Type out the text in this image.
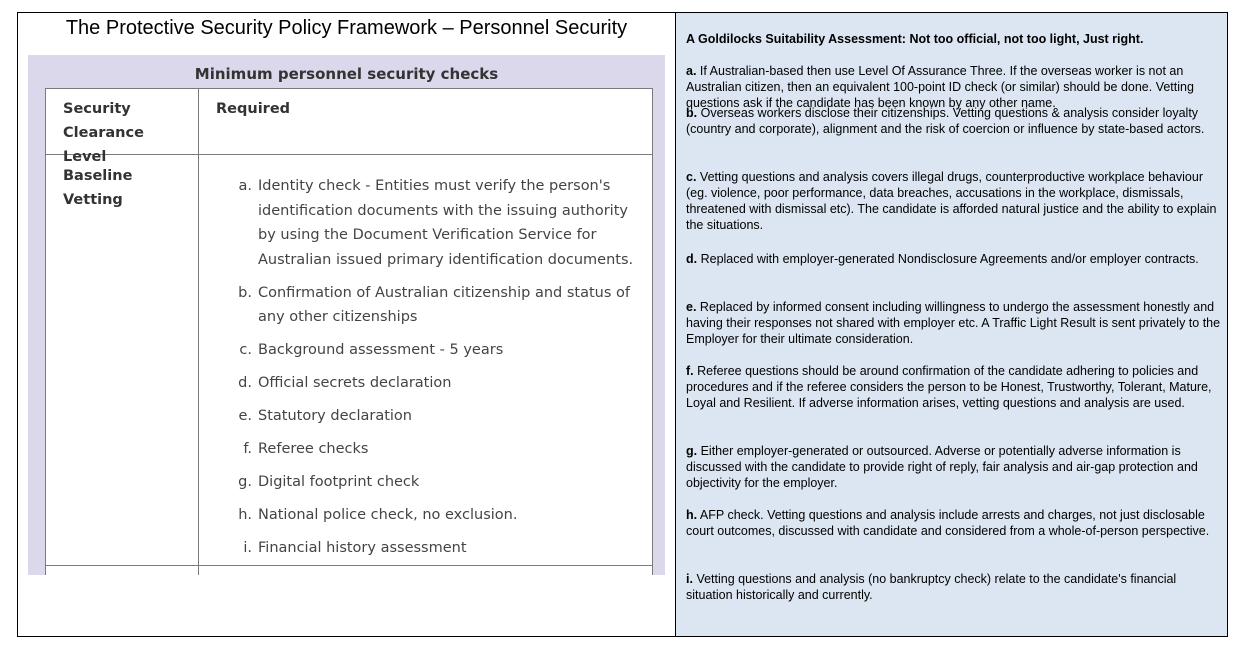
The Protective Security Policy Framework – Personnel Security
Minimum personnel security checks
Security Clearance Level
Required
Baseline Vetting
a. Identity check - Entities must verify the person's identification documents with the issuing authority by using the Document Verification Service for Australian issued primary identification documents.
b. Confirmation of Australian citizenship and status of any other citizenships
c. Background assessment - 5 years
d. Official secrets declaration
e. Statutory declaration
f. Referee checks
g. Digital footprint check
h. National police check, no exclusion.
i. Financial history assessment
A Goldilocks Suitability Assessment: Not too official, not too light, Just right.

a. If Australian-based then use Level Of Assurance Three. If the overseas worker is not an Australian citizen, then an equivalent 100-point ID check (or similar) should be done. Vetting questions ask if the candidate has been known by any other name.

b. Overseas workers disclose their citizenships. Vetting questions & analysis consider loyalty (country and corporate), alignment and the risk of coercion or influence by state-based actors.

c. Vetting questions and analysis covers illegal drugs, counterproductive workplace behaviour (eg. violence, poor performance, data breaches, accusations in the workplace, dismissals, threatened with dismissal etc). The candidate is afforded natural justice and the ability to explain the situations.

d. Replaced with employer-generated Nondisclosure Agreements and/or employer contracts.

e. Replaced by informed consent including willingness to undergo the assessment honestly and having their responses not shared with employer etc. A Traffic Light Result is sent privately to the Employer for their ultimate consideration.

f. Referee questions should be around confirmation of the candidate adhering to policies and procedures and if the referee considers the person to be Honest, Trustworthy, Tolerant, Mature, Loyal and Resilient. If adverse information arises, vetting questions and analysis are used.

g. Either employer-generated or outsourced. Adverse or potentially adverse information is discussed with the candidate to provide right of reply, fair analysis and air-gap protection and objectivity for the employer.

h. AFP check. Vetting questions and analysis include arrests and charges, not just disclosable court outcomes, discussed with candidate and considered from a whole-of-person perspective.

i. Vetting questions and analysis (no bankruptcy check) relate to the candidate's financial situation historically and currently.
